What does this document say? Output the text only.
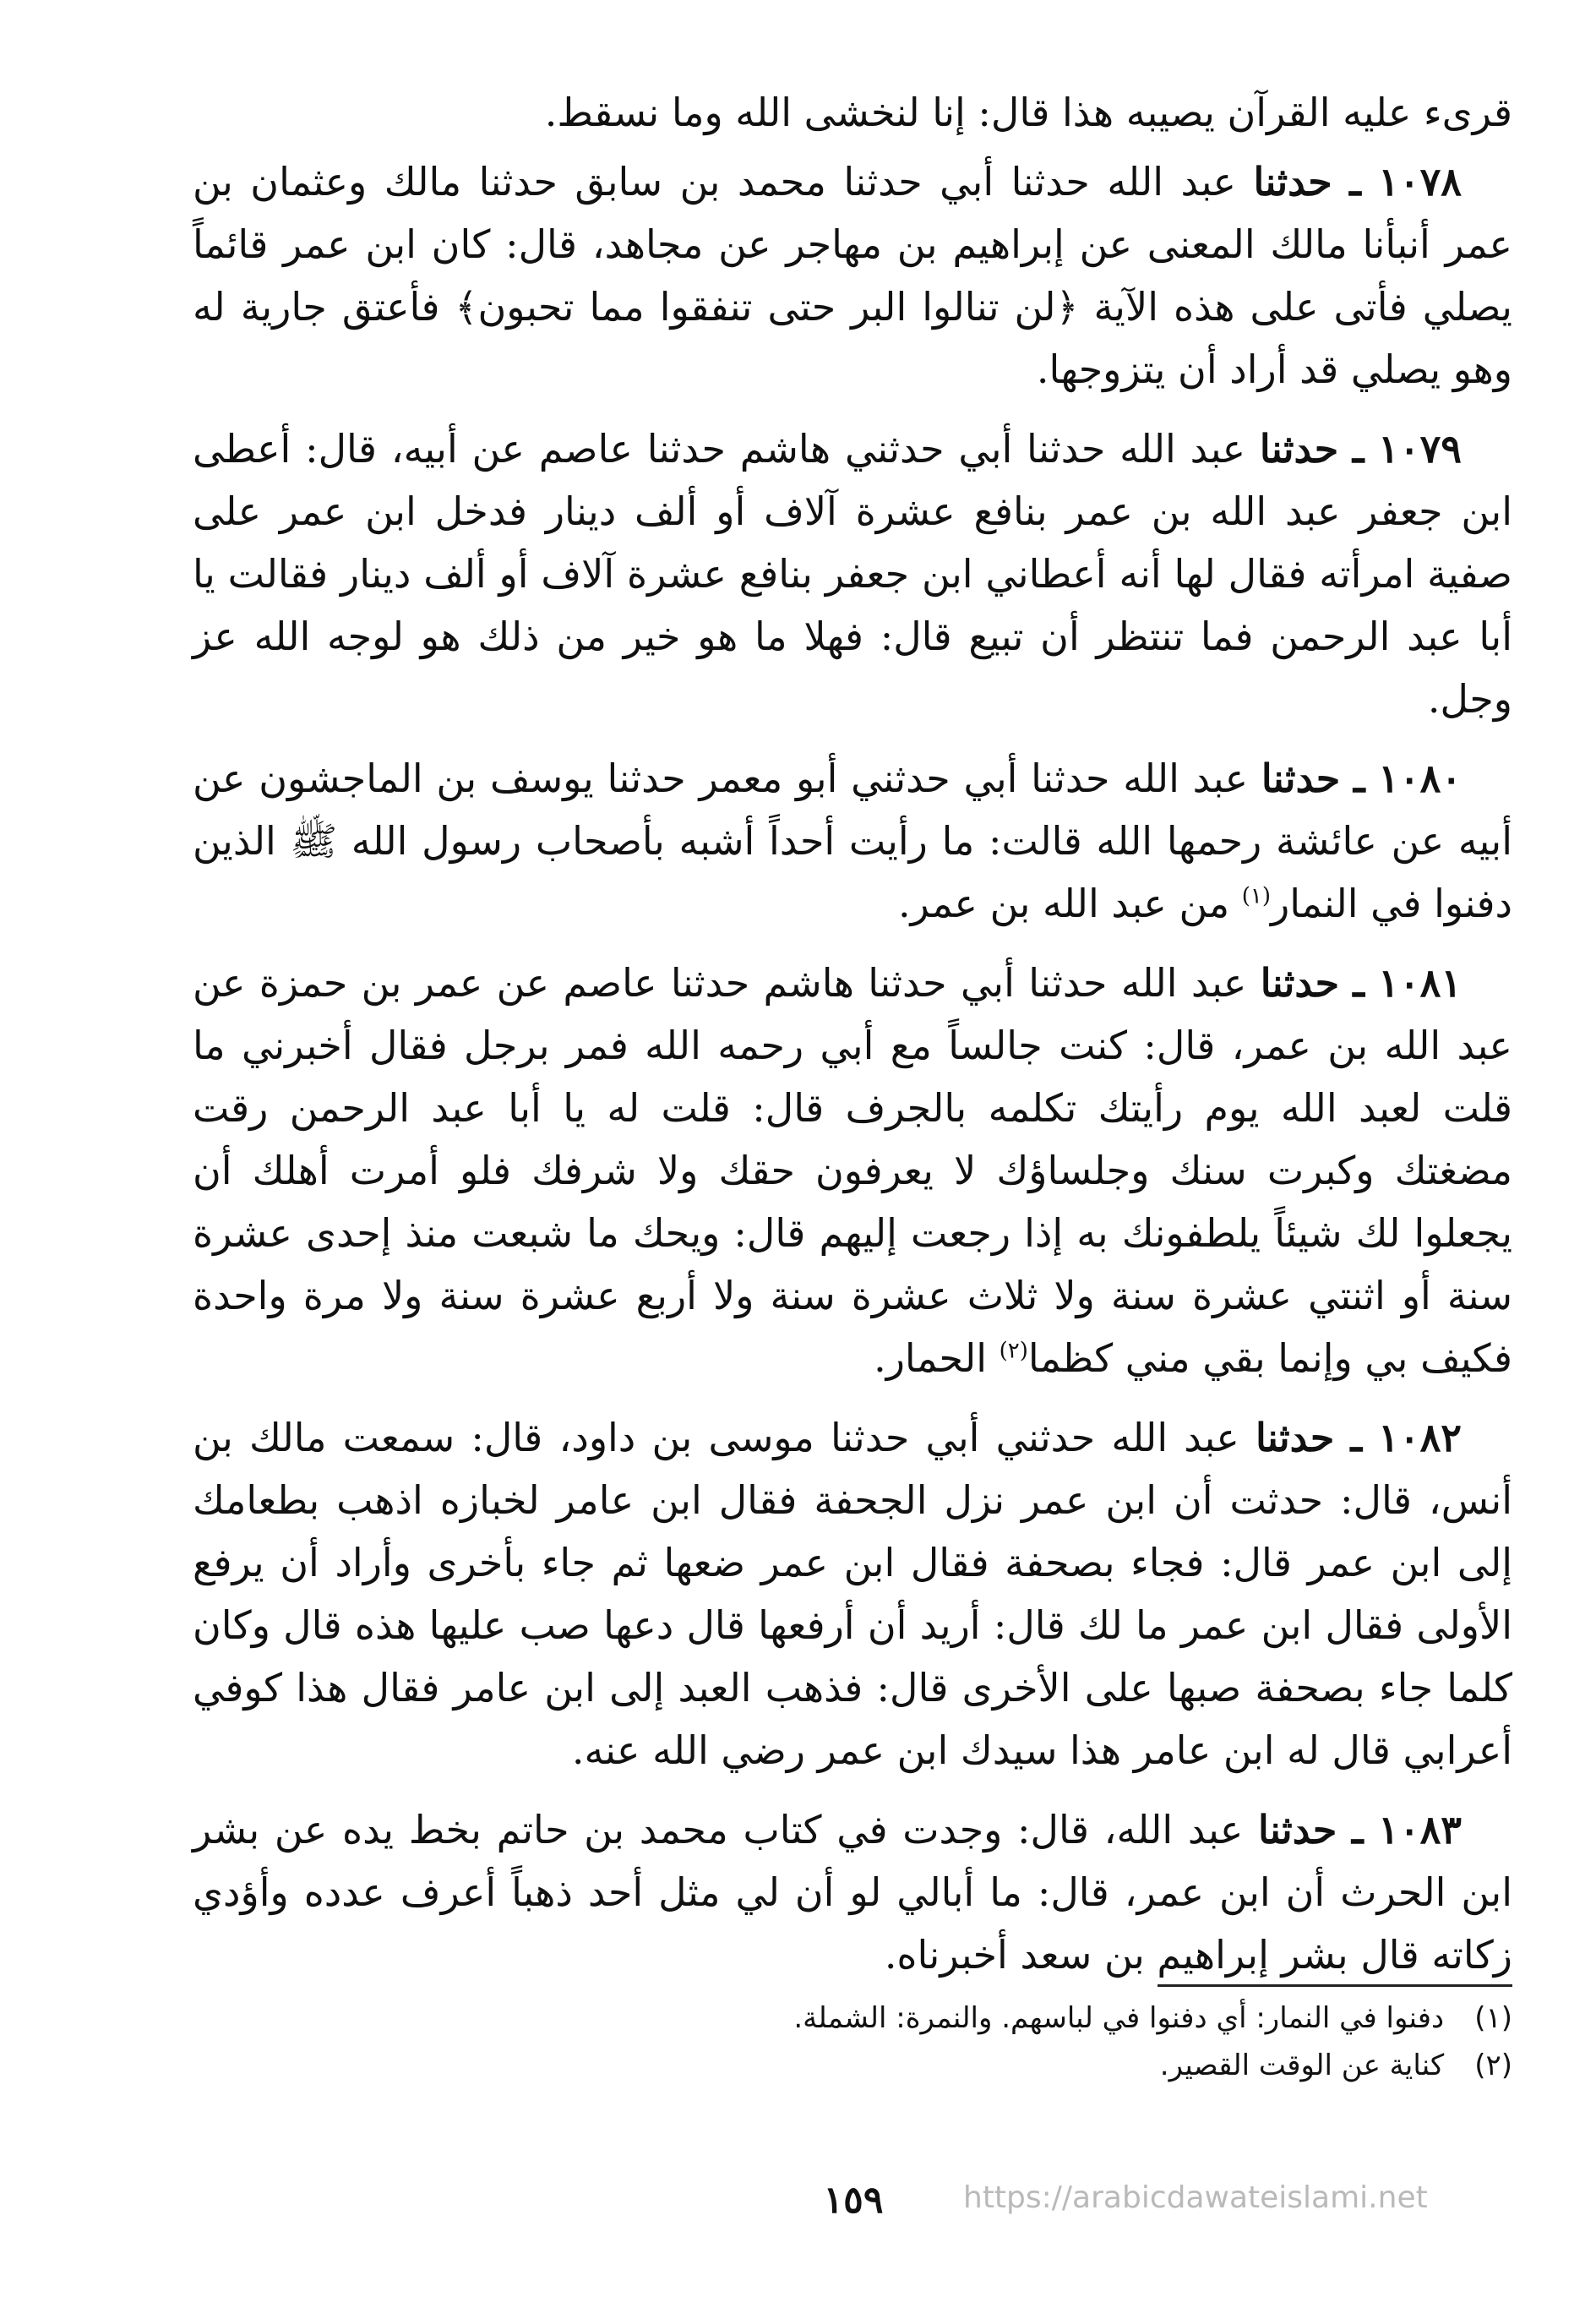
قرىء عليه القرآن يصيبه هذا قال: إنا لنخشى الله وما نسقط.

١٠٧٨ ـ حدثنا عبد الله حدثنا أبي حدثنا محمد بن سابق حدثنا مالك وعثمان بن عمر أنبأنا مالك المعنى عن إبراهيم بن مهاجر عن مجاهد، قال: كان ابن عمر قائماً يصلي فأتى على هذه الآية ﴿لن تنالوا البر حتى تنفقوا مما تحبون﴾ فأعتق جارية له وهو يصلي قد أراد أن يتزوجها.

١٠٧٩ ـ حدثنا عبد الله حدثنا أبي حدثني هاشم حدثنا عاصم عن أبيه، قال: أعطى ابن جعفر عبد الله بن عمر بنافع عشرة آلاف أو ألف دينار فدخل ابن عمر على صفية امرأته فقال لها أنه أعطاني ابن جعفر بنافع عشرة آلاف أو ألف دينار فقالت يا أبا عبد الرحمن فما تنتظر أن تبيع قال: فهلا ما هو خير من ذلك هو لوجه الله عز وجل.

١٠٨٠ ـ حدثنا عبد الله حدثنا أبي حدثني أبو معمر حدثنا يوسف بن الماجشون عن أبيه عن عائشة رحمها الله قالت: ما رأيت أحداً أشبه بأصحاب رسول الله ﷺ الذين دفنوا في النمار$^{(١)}$ من عبد الله بن عمر.

١٠٨١ ـ حدثنا عبد الله حدثنا أبي حدثنا هاشم حدثنا عاصم عن عمر بن حمزة عن عبد الله بن عمر، قال: كنت جالساً مع أبي رحمه الله فمر برجل فقال أخبرني ما قلت لعبد الله يوم رأيتك تكلمه بالجرف قال: قلت له يا أبا عبد الرحمن رقت مضغتك وكبرت سنك وجلساؤك لا يعرفون حقك ولا شرفك فلو أمرت أهلك أن يجعلوا لك شيئاً يلطفونك به إذا رجعت إليهم قال: ويحك ما شبعت منذ إحدى عشرة سنة أو اثنتي عشرة سنة ولا ثلاث عشرة سنة ولا أربع عشرة سنة ولا مرة واحدة فكيف بي وإنما بقي مني كظما$^{(٢)}$ الحمار.

١٠٨٢ ـ حدثنا عبد الله حدثني أبي حدثنا موسى بن داود، قال: سمعت مالك بن أنس، قال: حدثت أن ابن عمر نزل الجحفة فقال ابن عامر لخبازه اذهب بطعامك إلى ابن عمر قال: فجاء بصحفة فقال ابن عمر ضعها ثم جاء بأخرى وأراد أن يرفع الأولى فقال ابن عمر ما لك قال: أريد أن أرفعها قال دعها صب عليها هذه قال وكان كلما جاء بصحفة صبها على الأخرى قال: فذهب العبد إلى ابن عامر فقال هذا كوفي أعرابي قال له ابن عامر هذا سيدك ابن عمر رضي الله عنه.

١٠٨٣ ـ حدثنا عبد الله، قال: وجدت في كتاب محمد بن حاتم بخط يده عن بشر ابن الحرث أن ابن عمر، قال: ما أبالي لو أن لي مثل أحد ذهباً أعرف عدده وأؤدي زكاته قال بشر إبراهيم بن سعد أخبرناه.

(١) دفنوا في النمار: أي دفنوا في لباسهم. والنمرة: الشملة.

(٢) كناية عن الوقت القصير.

١٥٩	https://arabicdawateislami.net
